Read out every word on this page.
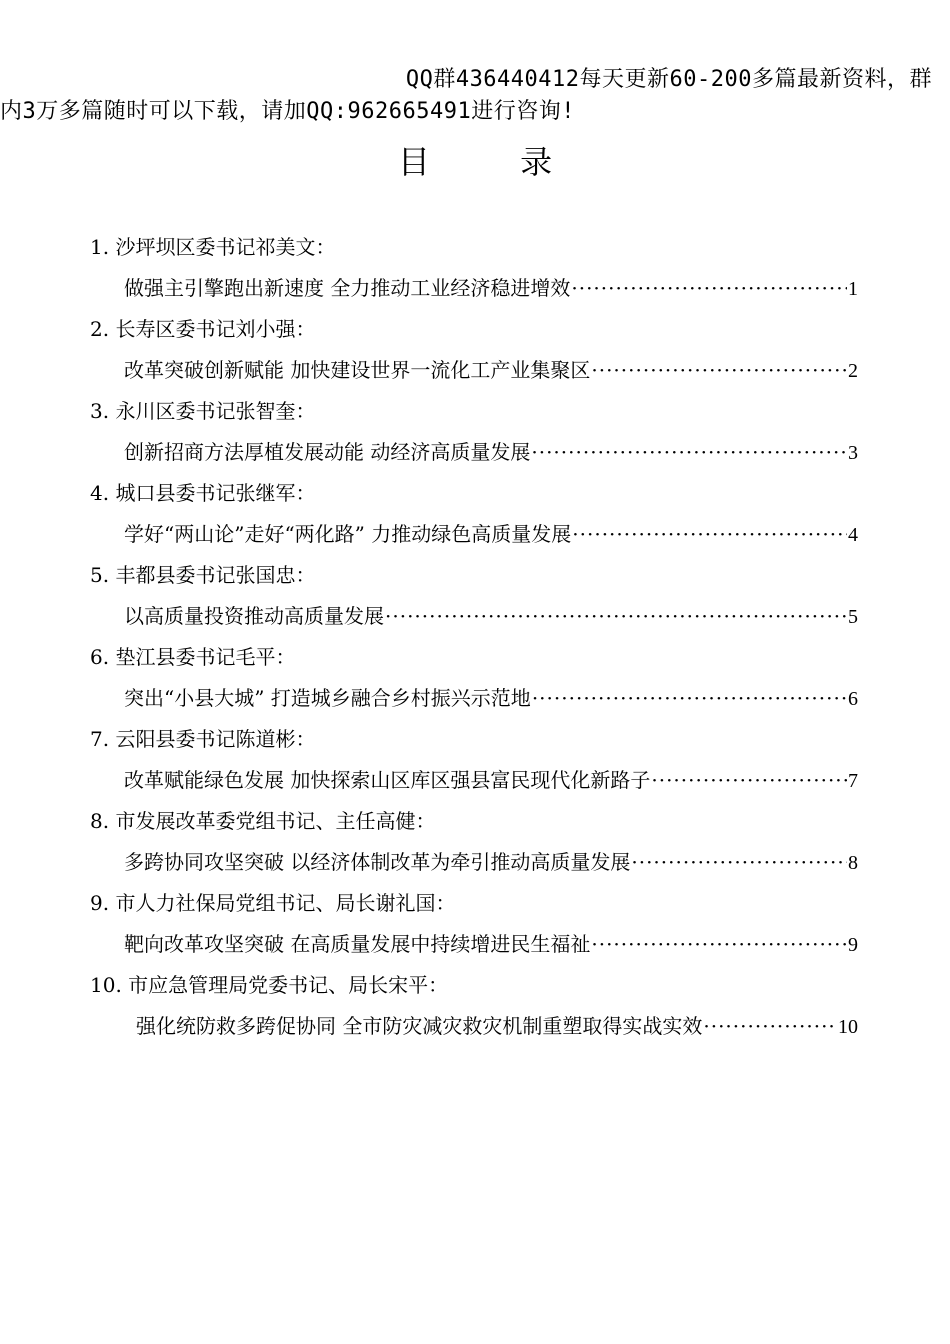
QQ群436440412每天更新60-200多篇最新资料，群
内3万多篇随时可以下载，请加QQ:962665491进行咨询!
目 录
1. 沙坪坝区委书记祁美文：
做强主引擎跑出新速度 全力推动工业经济稳进增效 ·····	1
2. 长寿区委书记刘小强：
改革突破创新赋能 加快建设世界一流化工产业集聚区 ·····	2
3. 永川区委书记张智奎：
创新招商方法厚植发展动能 动经济高质量发展 ·····	3
4. 城口县委书记张继军：
学好“两山论”走好“两化路” 力推动绿色高质量发展 ·····	4
5. 丰都县委书记张国忠：
以高质量投资推动高质量发展 ·····	5
6. 垫江县委书记毛平：
突出“小县大城” 打造城乡融合乡村振兴示范地 ·····	6
7. 云阳县委书记陈道彬：
改革赋能绿色发展 加快探索山区库区强县富民现代化新路子 ·····	7
8. 市发展改革委党组书记、主任高健：
多跨协同攻坚突破 以经济体制改革为牵引推动高质量发展 ·····	8
9. 市人力社保局党组书记、局长谢礼国：
靶向改革攻坚突破 在高质量发展中持续增进民生福祉 ·····	9
10. 市应急管理局党委书记、局长宋平：
强化统防救多跨促协同 全市防灾减灾救灾机制重塑取得实战实效 ·····	10
